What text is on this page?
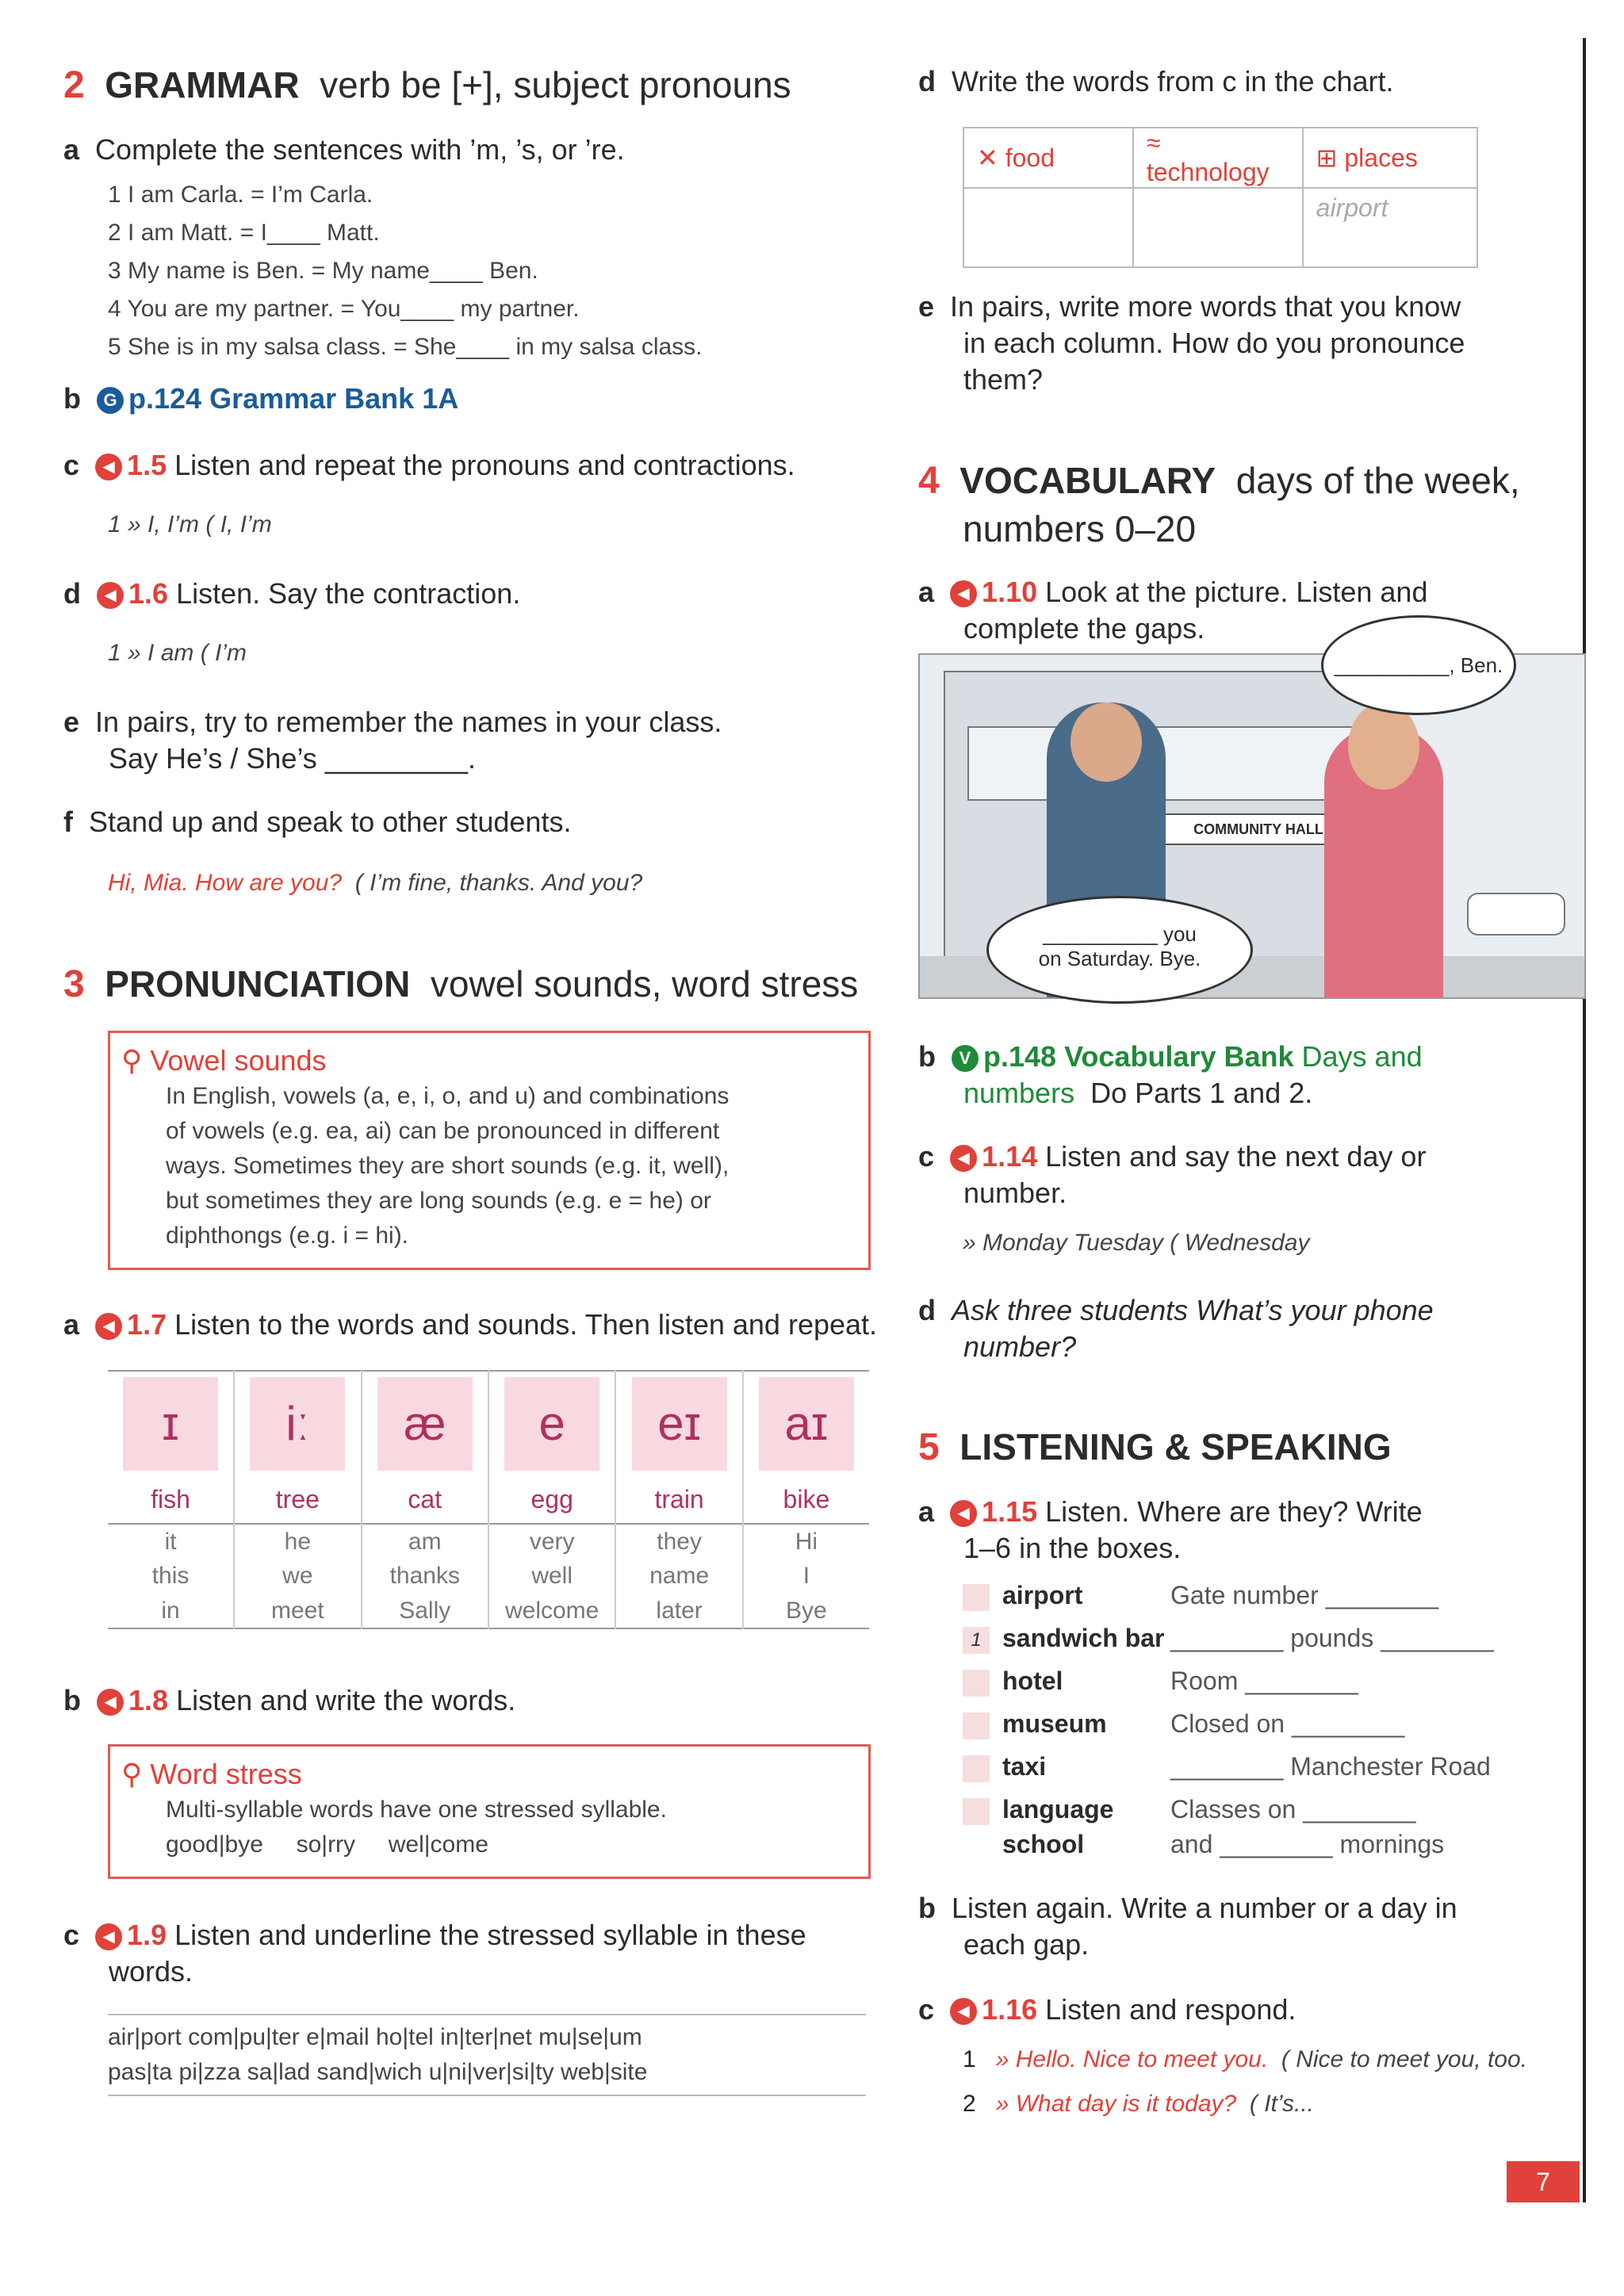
2 GRAMMAR verb be [+], subject pronouns
a Complete the sentences with ’m, ’s, or ’re.
1 I am Carla. = I’m Carla.
2 I am Matt. = I____ Matt.
3 My name is Ben. = My name____ Ben.
4 You are my partner. = You____ my partner.
5 She is in my salsa class. = She____ in my salsa class.
b G p.124 Grammar Bank 1A
c ◀ 1.5 Listen and repeat the pronouns and contractions.
1 » I, I’m ( I, I’m
d ◀ 1.6 Listen. Say the contraction.
1 » I am ( I’m
e In pairs, try to remember the names in your class.
Say He’s / She’s _________.
f Stand up and speak to other students.
Hi, Mia. How are you? ( I’m fine, thanks. And you?
3 PRONUNCIATION vowel sounds, word stress
⚲ Vowel sounds
In English, vowels (a, e, i, o, and u) and combinations
of vowels (e.g. ea, ai) can be pronounced in different
ways. Sometimes they are short sounds (e.g. it, well),
but sometimes they are long sounds (e.g. e = he) or
diphthongs (e.g. i = hi).
a ◀ 1.7 Listen to the words and sounds. Then listen and repeat.
ɪ	iː	æ	e	eɪ	aɪ

fish	tree	cat	egg	train	bike
it	he	am	very	they	Hi
this	we	thanks	well	name	I
in	meet	Sally	welcome	later	Bye
b ◀ 1.8 Listen and write the words.
⚲ Word stress
Multi-syllable words have one stressed syllable.
good|bye so|rry wel|come
c ◀ 1.9 Listen and underline the stressed syllable in these
words.
air|port com|pu|ter e|mail ho|tel in|ter|net mu|se|um
pas|ta pi|zza sa|lad sand|wich u|ni|ver|si|ty web|site
d Write the words from c in the chart.
✕ food	≈ technology	⊞ places
		airport
e In pairs, write more words that you know
in each column. How do you pronounce
them?
4 VOCABULARY days of the week,
numbers 0–20
a ◀ 1.10 Look at the picture. Listen and
complete the gaps.
COMMUNITY HALL
__________, Ben.
__________ you
on Saturday. Bye.
b V p.148 Vocabulary Bank Days and
numbers Do Parts 1 and 2.
c ◀ 1.14 Listen and say the next day or
number.
» Monday Tuesday ( Wednesday
d Ask three students What’s your phone
number?
5 LISTENING & SPEAKING
a ◀ 1.15 Listen. Where are they? Write
1–6 in the boxes.
airport	Gate number ________
1 sandwich bar ________ pounds ________
hotel	Room ________
museum	Closed on ________
taxi	________ Manchester Road
language Classes on ________
school	and ________ mornings
b Listen again. Write a number or a day in
each gap.
c ◀ 1.16 Listen and respond.
1 » Hello. Nice to meet you. ( Nice to meet you, too.
2 » What day is it today? ( It’s...
7
